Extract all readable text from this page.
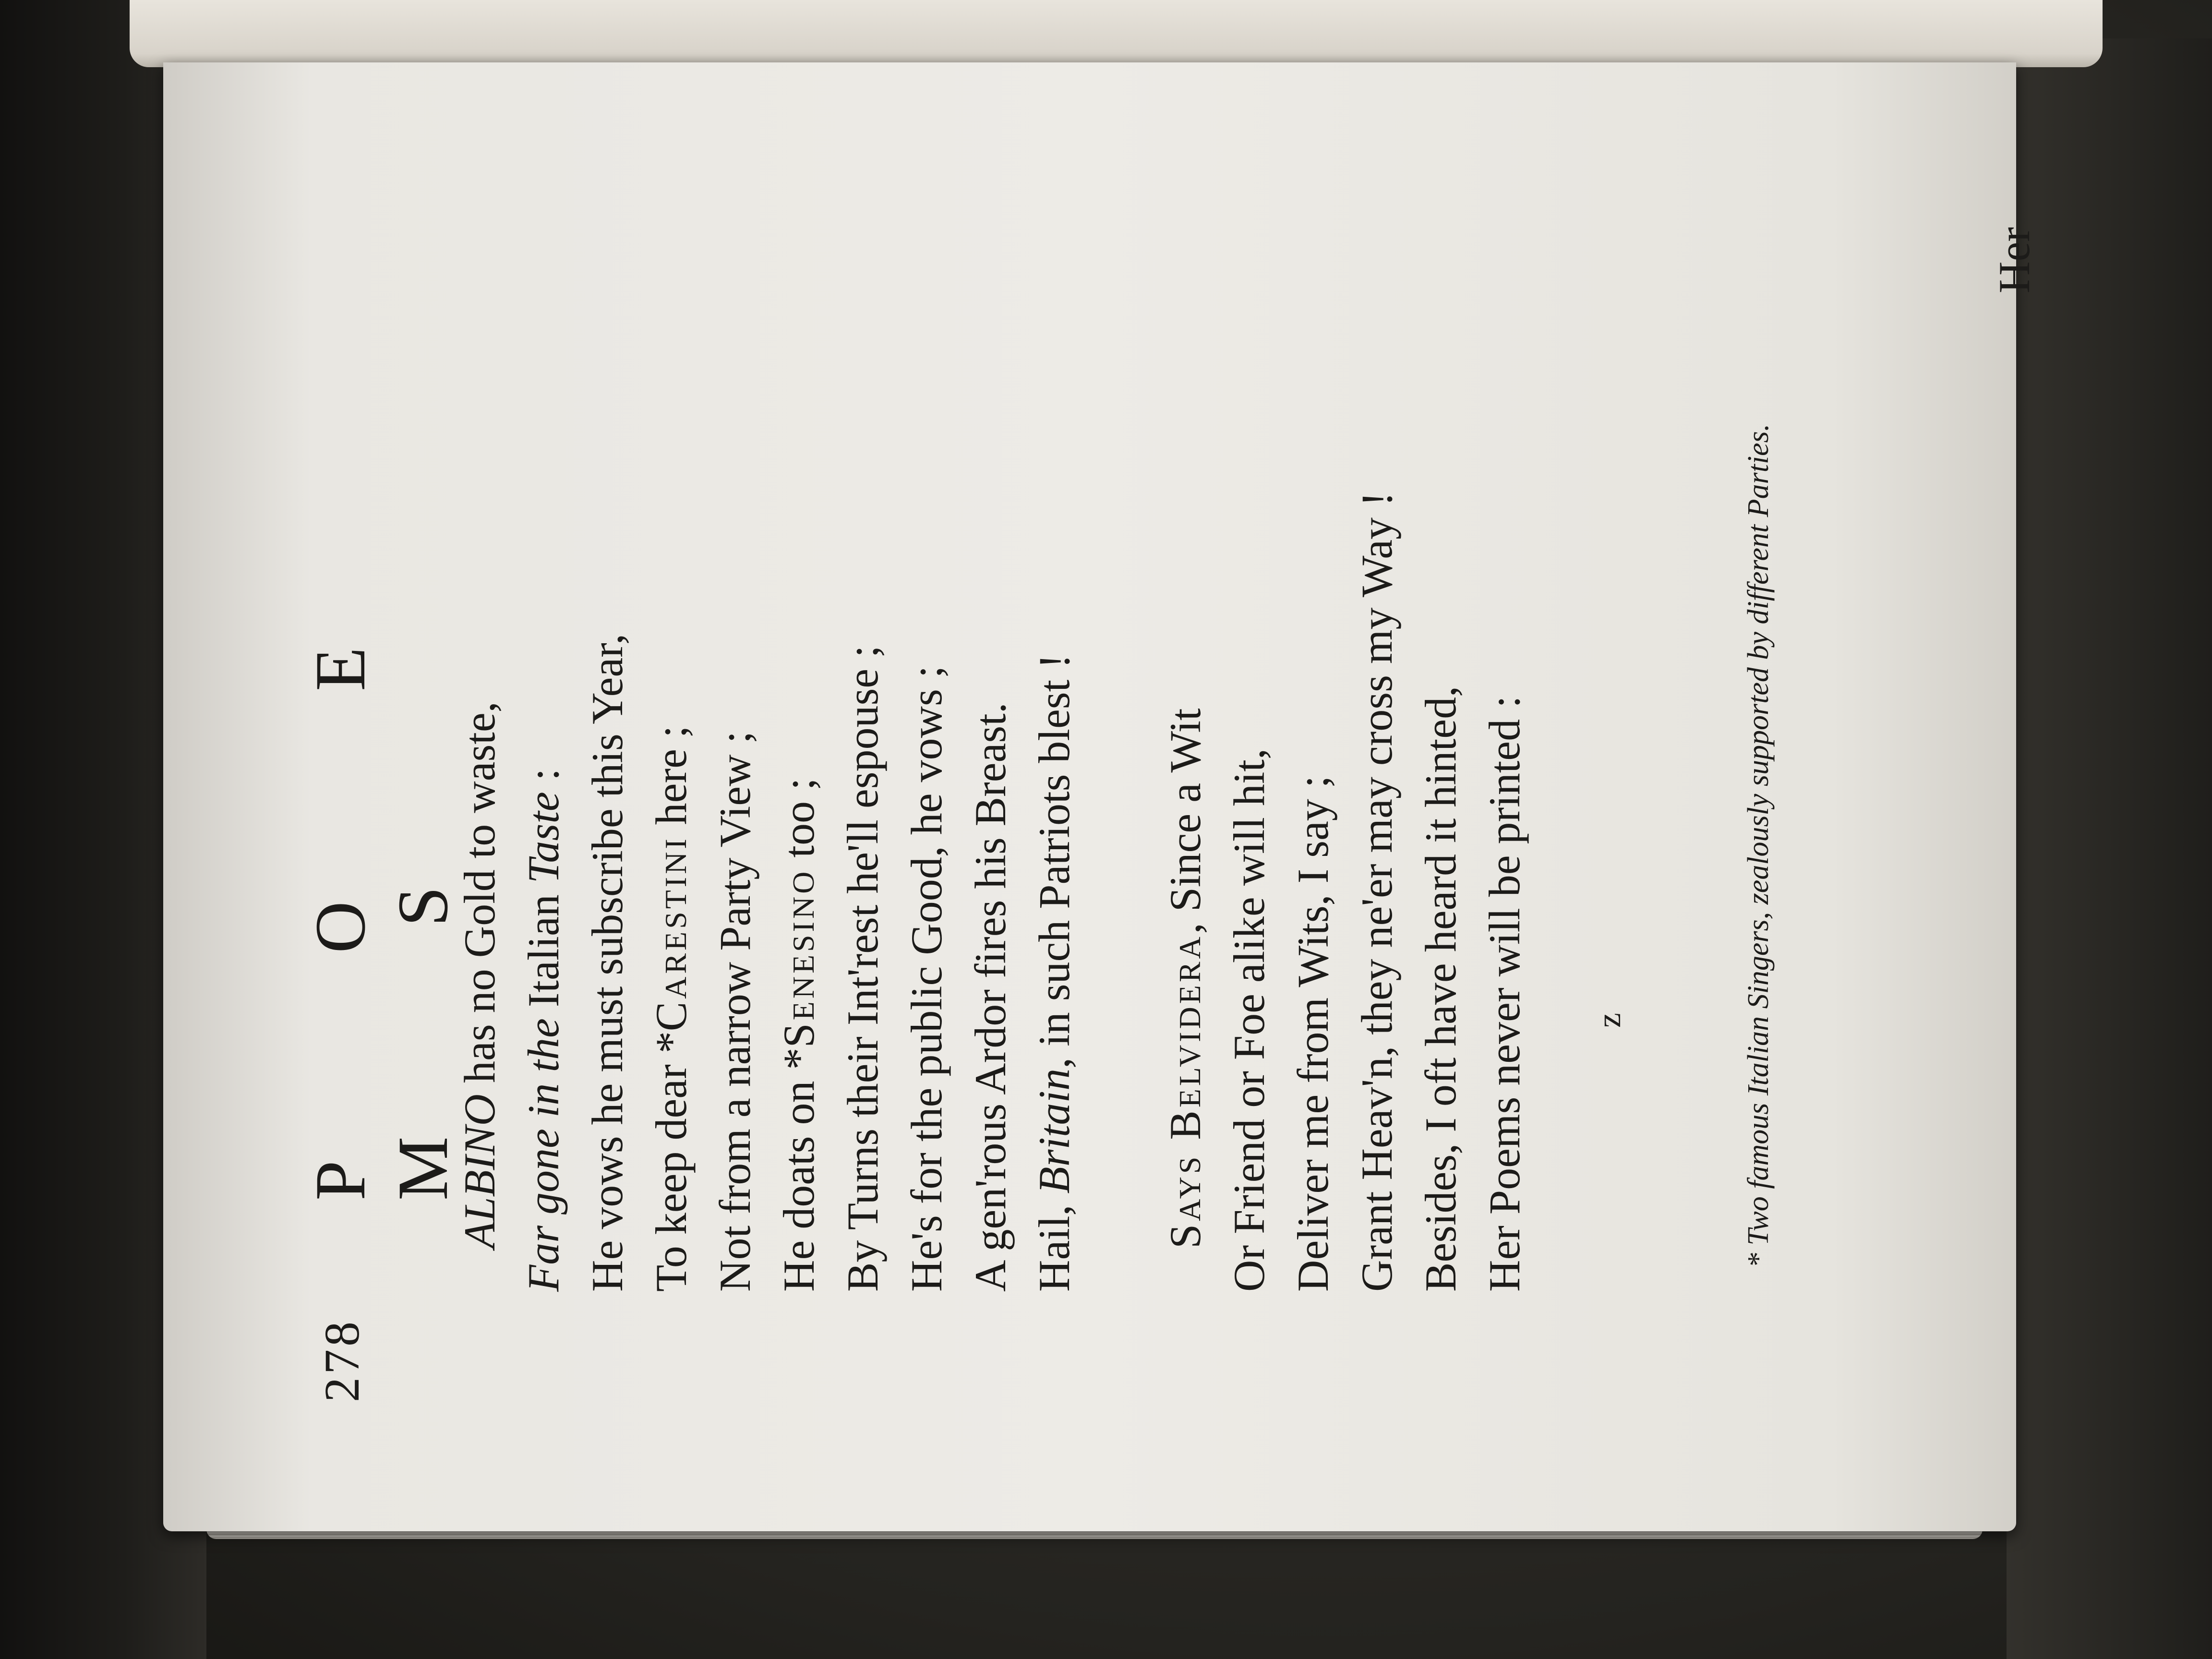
278
P O E M S
ALBINO has no Gold to waste,
Far gone in the Italian Taste : He vows he must subscribe this Year, To keep dear *Carestini here ; Not from a narrow Party View ; He doats on *Senesino too ; By Turns their Int'rest he'll espouse ; He's for the public Good, he vows ; A gen'rous Ardor fires his Breast. Hail, Britain, in such Patriots blest !
Says Belvidera, Since a Wit Or Friend or Foe alike will hit, Deliver me from Wits, I say ; Grant Heav'n, they ne'er may cross my Way ! Besides, I oft have heard it hinted, Her Poems never will be printed : z	* Two famous Italian Singers, zealously supported by different Parties.
Her
